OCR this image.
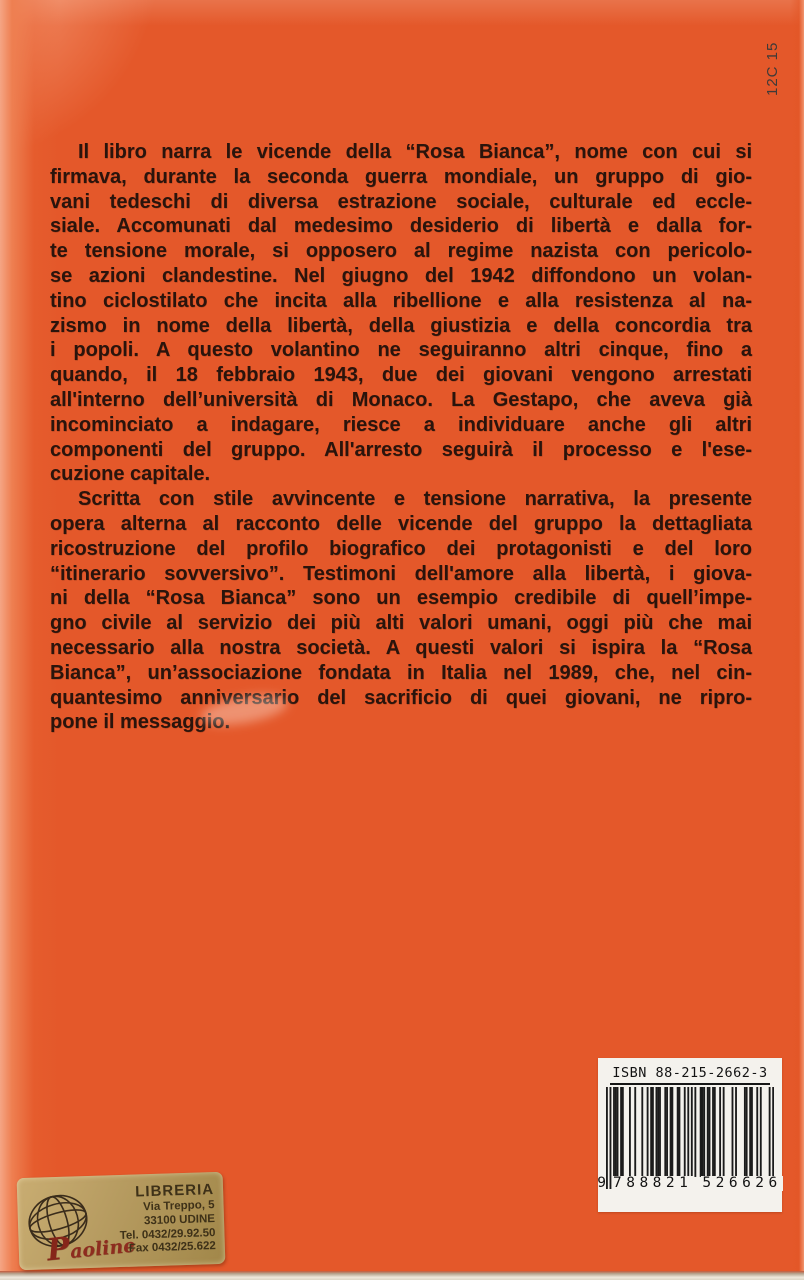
12C 15
Il libro narra le vicende della “Rosa Bianca”, nome con cui si
firmava, durante la seconda guerra mondiale, un gruppo di gio-
vani tedeschi di diversa estrazione sociale, culturale ed eccle-
siale. Accomunati dal medesimo desiderio di libertà e dalla for-
te tensione morale, si opposero al regime nazista con pericolo-
se azioni clandestine. Nel giugno del 1942 diffondono un volan-
tino ciclostilato che incita alla ribellione e alla resistenza al na-
zismo in nome della libertà, della giustizia e della concordia tra
i popoli. A questo volantino ne seguiranno altri cinque, fino a
quando, il 18 febbraio 1943, due dei giovani vengono arrestati
all'interno dell’università di Monaco. La Gestapo, che aveva già
incominciato a indagare, riesce a individuare anche gli altri
componenti del gruppo. All'arresto seguirà il processo e l'ese-
cuzione capitale.
Scritta con stile avvincente e tensione narrativa, la presente
opera alterna al racconto delle vicende del gruppo la dettagliata
ricostruzione del profilo biografico dei protagonisti e del loro
“itinerario sovversivo”. Testimoni dell'amore alla libertà, i giova-
ni della “Rosa Bianca” sono un esempio credibile di quell’impe-
gno civile al servizio dei più alti valori umani, oggi più che mai
necessario alla nostra società. A questi valori si ispira la “Rosa
Bianca”, un’associazione fondata in Italia nel 1989, che, nel cin-
quantesimo anniversario del sacrificio di quei giovani, ne ripro-
pone il messaggio.
ISBN 88-215-2662-3
9 788821 526626
Paoline
LIBRERIA
Via Treppo, 5
33100 UDINE
Tel. 0432/29.92.50
Fax 0432/25.622
